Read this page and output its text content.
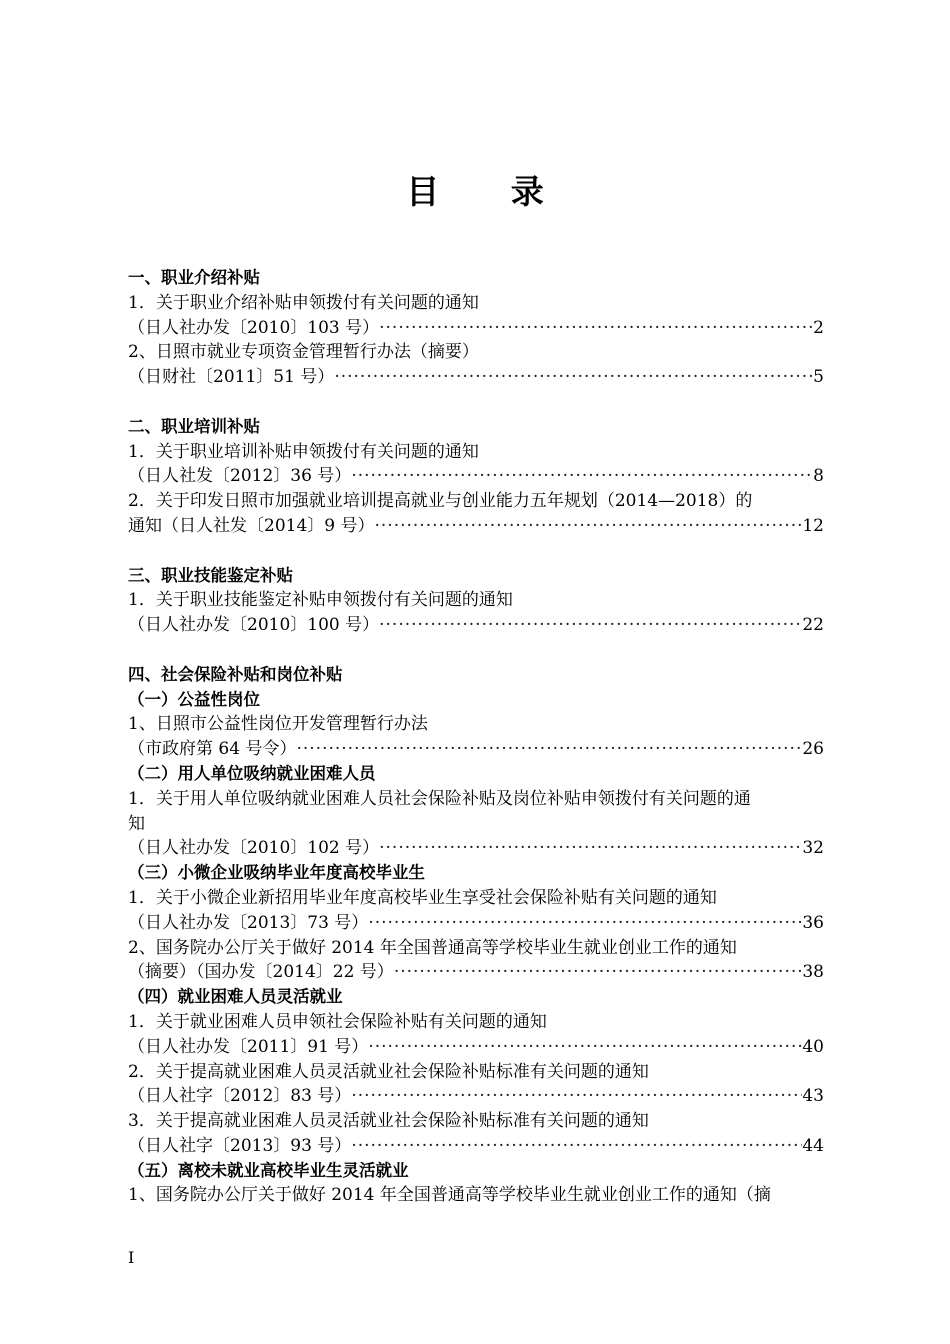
目 录
一、职业介绍补贴
1．关于职业介绍补贴申领拨付有关问题的通知
（日人社办发〔2010〕103 号） ·····	2
2、日照市就业专项资金管理暂行办法（摘要）
（日财社〔2011〕51 号） ·····	5
二、职业培训补贴
1．关于职业培训补贴申领拨付有关问题的通知
（日人社发〔2012〕36 号） ·····	8
2．关于印发日照市加强就业培训提高就业与创业能力五年规划（2014—2018）的
通知（日人社发〔2014〕9 号） ·····	12
三、职业技能鉴定补贴
1．关于职业技能鉴定补贴申领拨付有关问题的通知
（日人社办发〔2010〕100 号） ·····	22
四、社会保险补贴和岗位补贴
（一）公益性岗位
1、日照市公益性岗位开发管理暂行办法
（市政府第 64 号令） ·····	26
（二）用人单位吸纳就业困难人员
1．关于用人单位吸纳就业困难人员社会保险补贴及岗位补贴申领拨付有关问题的通
知
（日人社办发〔2010〕102 号） ·····	32
（三）小微企业吸纳毕业年度高校毕业生
1．关于小微企业新招用毕业年度高校毕业生享受社会保险补贴有关问题的通知
（日人社办发〔2013〕73 号） ·····	36
2、国务院办公厅关于做好 2014 年全国普通高等学校毕业生就业创业工作的通知
（摘要）（国办发〔2014〕22 号） ·····	38
（四）就业困难人员灵活就业
1．关于就业困难人员申领社会保险补贴有关问题的通知
（日人社办发〔2011〕91 号） ·····	40
2．关于提高就业困难人员灵活就业社会保险补贴标准有关问题的通知
（日人社字〔2012〕83 号） ·····	43
3．关于提高就业困难人员灵活就业社会保险补贴标准有关问题的通知
（日人社字〔2013〕93 号） ·····	44
（五）离校未就业高校毕业生灵活就业
1、国务院办公厅关于做好 2014 年全国普通高等学校毕业生就业创业工作的通知（摘
I
